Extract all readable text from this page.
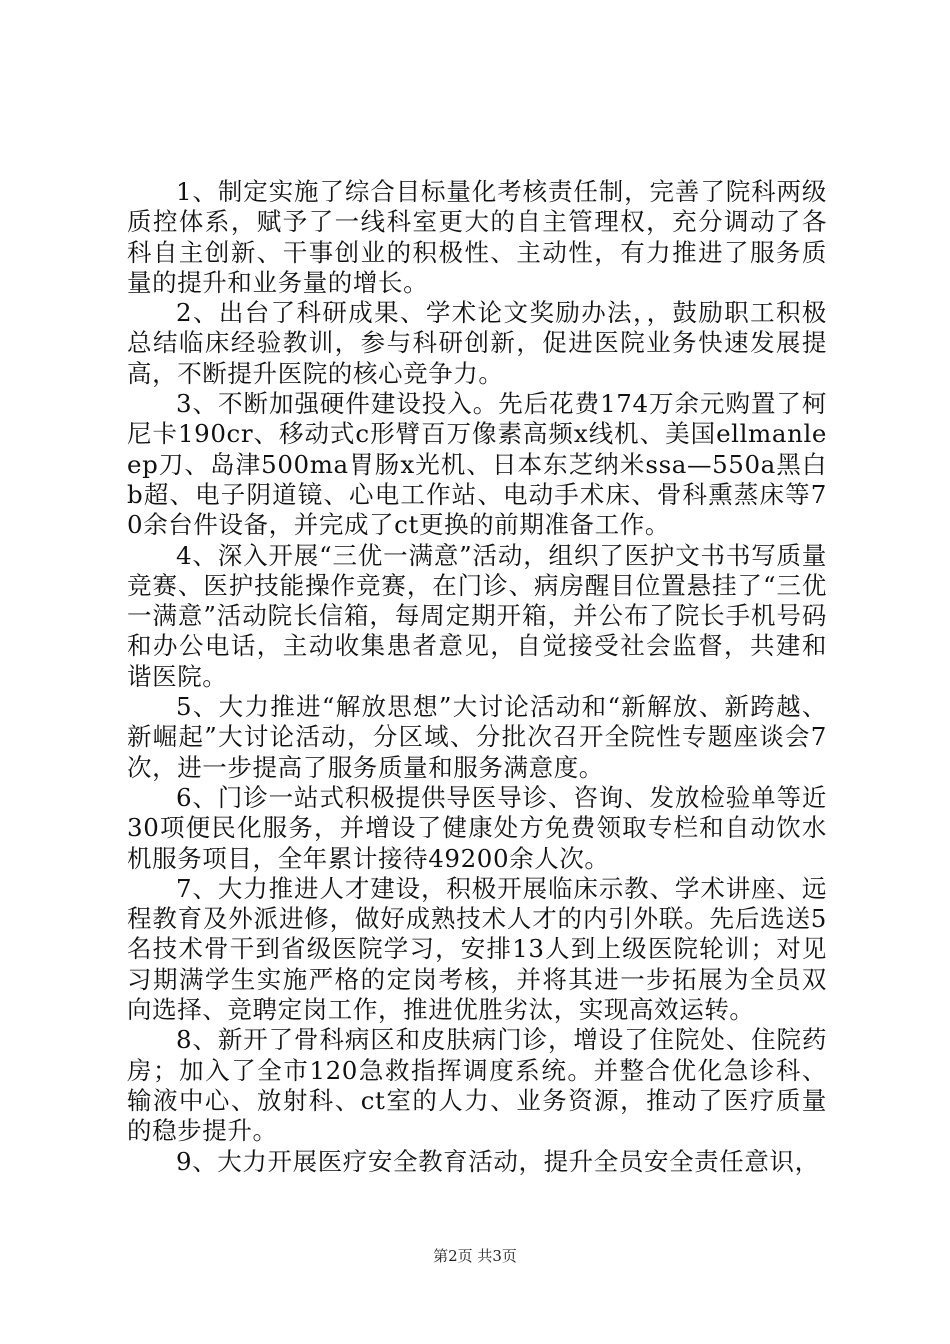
1、制定实施了综合目标量化考核责任制，完善了院科两级质控体系，赋予了一线科室更大的自主管理权，充分调动了各科自主创新、干事创业的积极性、主动性，有力推进了服务质量的提升和业务量的增长。

2、出台了科研成果、学术论文奖励办法，，鼓励职工积极总结临床经验教训，参与科研创新，促进医院业务快速发展提高，不断提升医院的核心竞争力。

3、不断加强硬件建设投入。先后花费174万余元购置了柯尼卡190cr、移动式c形臂百万像素高频x线机、美国ellmanleep刀、岛津500ma胃肠x光机、日本东芝纳米ssa—550a黑白b超、电子阴道镜、心电工作站、电动手术床、骨科熏蒸床等70余台件设备，并完成了ct更换的前期准备工作。

4、深入开展“三优一满意”活动，组织了医护文书书写质量竞赛、医护技能操作竞赛，在门诊、病房醒目位置悬挂了“三优一满意”活动院长信箱，每周定期开箱，并公布了院长手机号码和办公电话，主动收集患者意见，自觉接受社会监督，共建和谐医院。

5、大力推进“解放思想”大讨论活动和“新解放、新跨越、新崛起”大讨论活动，分区域、分批次召开全院性专题座谈会7次，进一步提高了服务质量和服务满意度。

6、门诊一站式积极提供导医导诊、咨询、发放检验单等近30项便民化服务，并增设了健康处方免费领取专栏和自动饮水机服务项目，全年累计接待49200余人次。

7、大力推进人才建设，积极开展临床示教、学术讲座、远程教育及外派进修，做好成熟技术人才的内引外联。先后选送5名技术骨干到省级医院学习，安排13人到上级医院轮训；对见习期满学生实施严格的定岗考核，并将其进一步拓展为全员双向选择、竞聘定岗工作，推进优胜劣汰，实现高效运转。

8、新开了骨科病区和皮肤病门诊，增设了住院处、住院药房；加入了全市120急救指挥调度系统。并整合优化急诊科、输液中心、放射科、ct室的人力、业务资源，推动了医疗质量的稳步提升。

9、大力开展医疗安全教育活动，提升全员安全责任意识，

第2页 共3页
